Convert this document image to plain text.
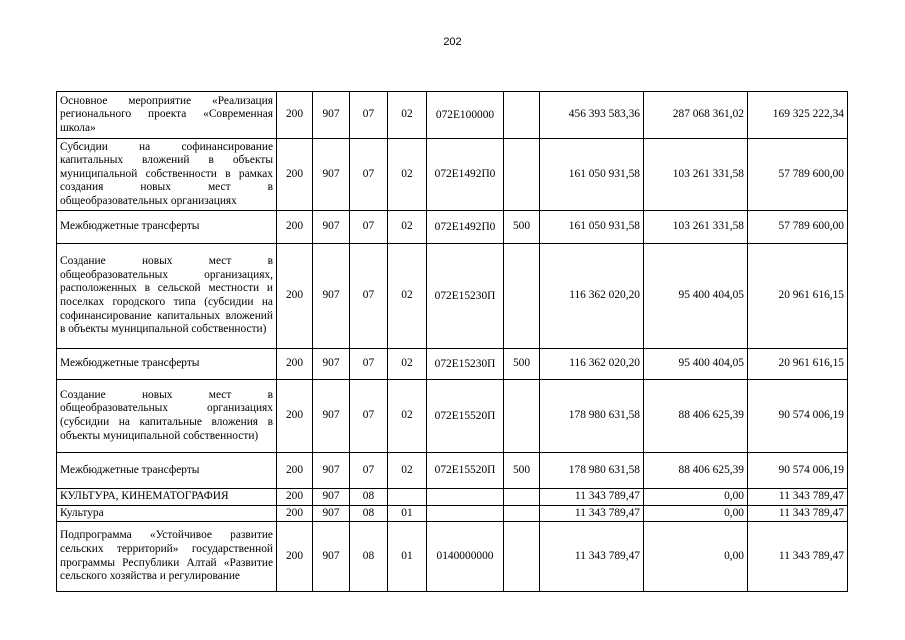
202
Основное мероприятие «Реализация регионального проекта «Современная школа»	200	907	07	02	072Е100000		456 393 583,36	287 068 361,02	169 325 222,34
Субсидии на софинансирование капитальных вложений в объекты муниципальной собственности в рамках создания новых мест в общеобразовательных организациях	200	907	07	02	072Е1492П0		161 050 931,58	103 261 331,58	57 789 600,00
Межбюджетные трансферты	200	907	07	02	072Е1492П0	500	161 050 931,58	103 261 331,58	57 789 600,00
Создание новых мест в общеобразовательных организациях, расположенных в сельской местности и поселках городского типа (субсидии на софинансирование капитальных вложений в объекты муниципальной собственности)	200	907	07	02	072Е15230П		116 362 020,20	95 400 404,05	20 961 616,15
Межбюджетные трансферты	200	907	07	02	072Е15230П	500	116 362 020,20	95 400 404,05	20 961 616,15
Создание новых мест в общеобразовательных организациях (субсидии на капитальные вложения в объекты муниципальной собственности)	200	907	07	02	072Е15520П		178 980 631,58	88 406 625,39	90 574 006,19
Межбюджетные трансферты	200	907	07	02	072Е15520П	500	178 980 631,58	88 406 625,39	90 574 006,19
КУЛЬТУРА, КИНЕМАТОГРАФИЯ	200	907	08				11 343 789,47	0,00	11 343 789,47
Культура	200	907	08	01			11 343 789,47	0,00	11 343 789,47
Подпрограмма «Устойчивое развитие сельских территорий» государственной программы Республики Алтай «Развитие сельского хозяйства и регулирование	200	907	08	01	0140000000		11 343 789,47	0,00	11 343 789,47
